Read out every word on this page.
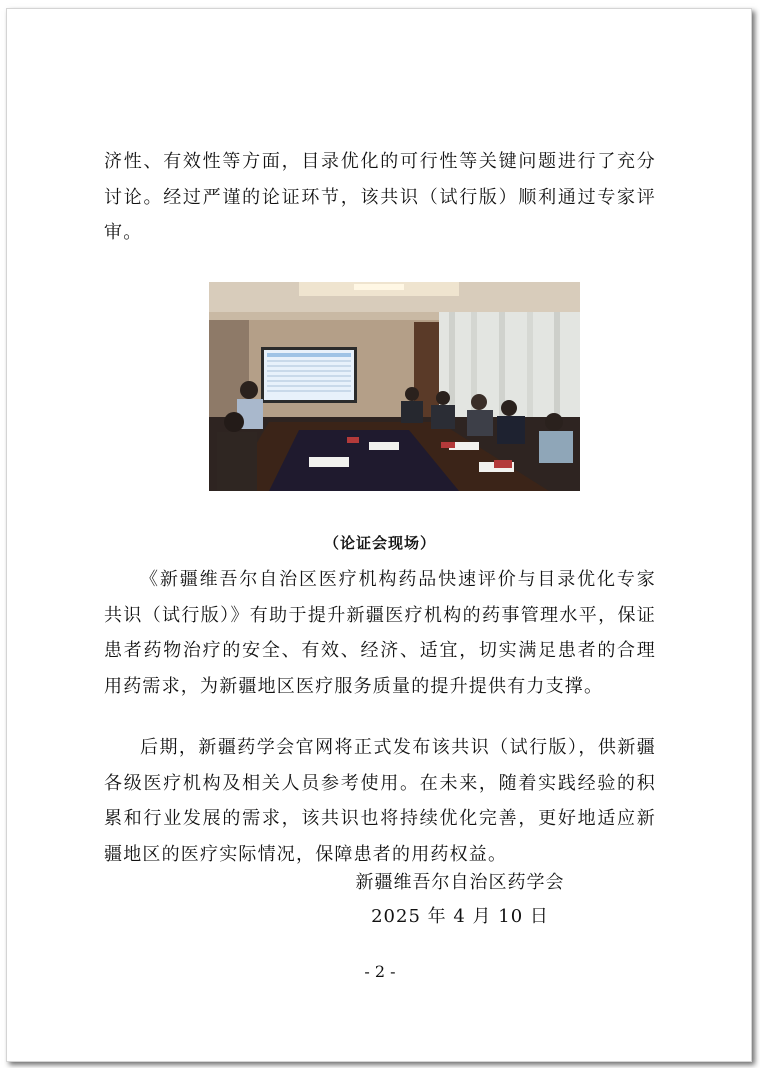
济性、有效性等方面，目录优化的可行性等关键问题进行了充分讨论。经过严谨的论证环节，该共识（试行版）顺利通过专家评审。
（论证会现场）
《新疆维吾尔自治区医疗机构药品快速评价与目录优化专家共识（试行版）》有助于提升新疆医疗机构的药事管理水平，保证患者药物治疗的安全、有效、经济、适宜，切实满足患者的合理用药需求，为新疆地区医疗服务质量的提升提供有力支撑。
后期，新疆药学会官网将正式发布该共识（试行版），供新疆各级医疗机构及相关人员参考使用。在未来，随着实践经验的积累和行业发展的需求，该共识也将持续优化完善，更好地适应新疆地区的医疗实际情况，保障患者的用药权益。
新疆维吾尔自治区药学会
2025 年 4 月 10 日
- 2 -
